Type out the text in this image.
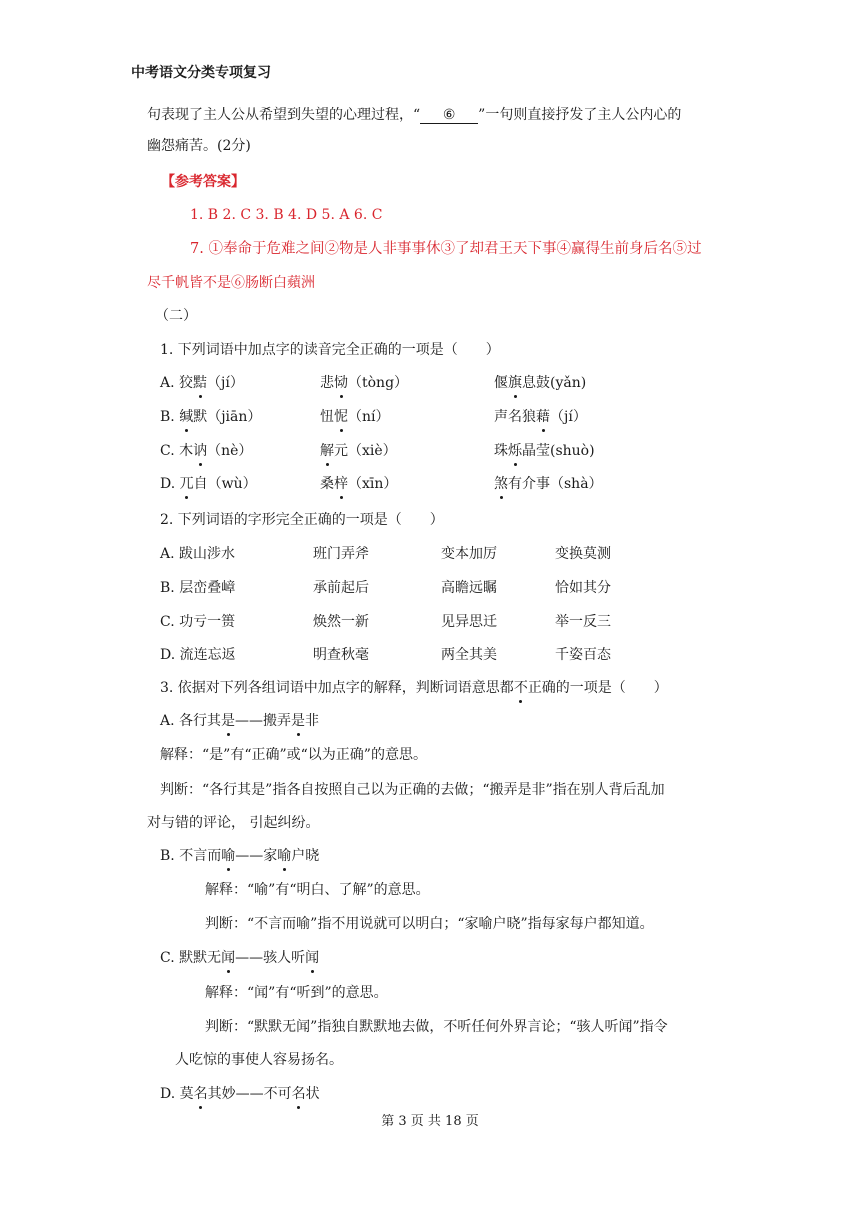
中考语文分类专项复习
句表现了主人公从希望到失望的心理过程，“ ⑥ ”一句则直接抒发了主人公内心的
幽怨痛苦。(2分)
【参考答案】
1. B 2. C 3. B 4. D 5. A 6. C
7. ①奉命于危难之间②物是人非事事休③了却君王天下事④赢得生前身后名⑤过
尽千帆皆不是⑥肠断白蘋洲
（二）
1. 下列词语中加点字的读音完全正确的一项是（　　）
A. 狡黠（jí）	悲恸（tòng）	偃旗息鼓(yǎn)
B. 缄默（jiān）	忸怩（ní）	声名狼藉（jí）
C. 木讷（nè）	解元（xiè）	珠烁晶莹(shuò)
D. 兀自（wù）	桑梓（xīn）	煞有介事（shà）
2. 下列词语的字形完全正确的一项是（　　）
A. 跋山涉水	班门弄斧	变本加厉	变换莫测
B. 层峦叠嶂	承前起后	高瞻远瞩	恰如其分
C. 功亏一篑	焕然一新	见异思迁	举一反三
D. 流连忘返	明查秋毫	两全其美	千姿百态
3. 依据对下列各组词语中加点字的解释，判断词语意思都不正确的一项是（　　）
A. 各行其是——搬弄是非
解释：“是”有“正确”或“以为正确”的意思。
判断：“各行其是”指各自按照自己以为正确的去做；“搬弄是非”指在别人背后乱加
对与错的评论， 引起纠纷。
B. 不言而喻——家喻户晓
解释：“喻”有“明白、了解”的意思。
判断：“不言而喻”指不用说就可以明白；“家喻户晓”指每家每户都知道。
C. 默默无闻——骇人听闻
解释：“闻”有“听到”的意思。
判断：“默默无闻”指独自默默地去做，不听任何外界言论；“骇人听闻”指令
人吃惊的事使人容易扬名。
D. 莫名其妙——不可名状
第 3 页 共 18 页
